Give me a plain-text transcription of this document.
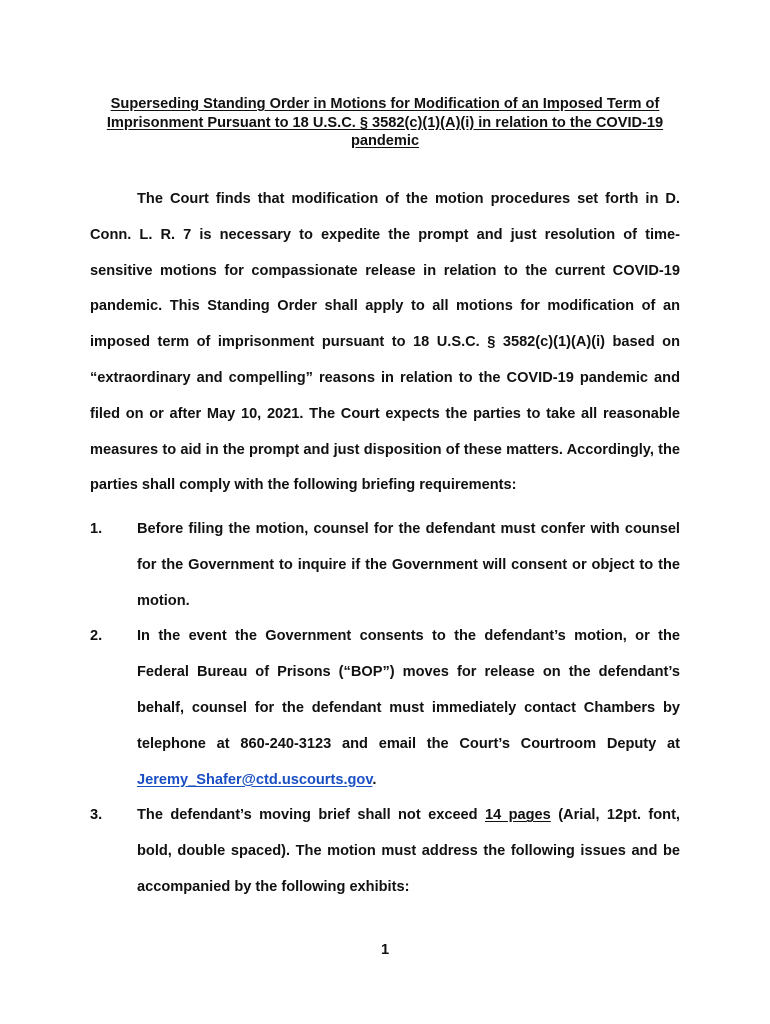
Superseding Standing Order in Motions for Modification of an Imposed Term of Imprisonment Pursuant to 18 U.S.C. § 3582(c)(1)(A)(i) in relation to the COVID-19 pandemic

The Court finds that modification of the motion procedures set forth in D. Conn. L. R. 7 is necessary to expedite the prompt and just resolution of time-sensitive motions for compassionate release in relation to the current COVID-19 pandemic. This Standing Order shall apply to all motions for modification of an imposed term of imprisonment pursuant to 18 U.S.C. § 3582(c)(1)(A)(i) based on “extraordinary and compelling” reasons in relation to the COVID-19 pandemic and filed on or after May 10, 2021. The Court expects the parties to take all reasonable measures to aid in the prompt and just disposition of these matters. Accordingly, the parties shall comply with the following briefing requirements:

1. Before filing the motion, counsel for the defendant must confer with counsel for the Government to inquire if the Government will consent or object to the motion.
2. In the event the Government consents to the defendant’s motion, or the Federal Bureau of Prisons (“BOP”) moves for release on the defendant’s behalf, counsel for the defendant must immediately contact Chambers by telephone at 860-240-3123 and email the Court’s Courtroom Deputy at Jeremy_Shafer@ctd.uscourts.gov.
3. The defendant’s moving brief shall not exceed 14 pages (Arial, 12pt. font, bold, double spaced). The motion must address the following issues and be accompanied by the following exhibits:
1
